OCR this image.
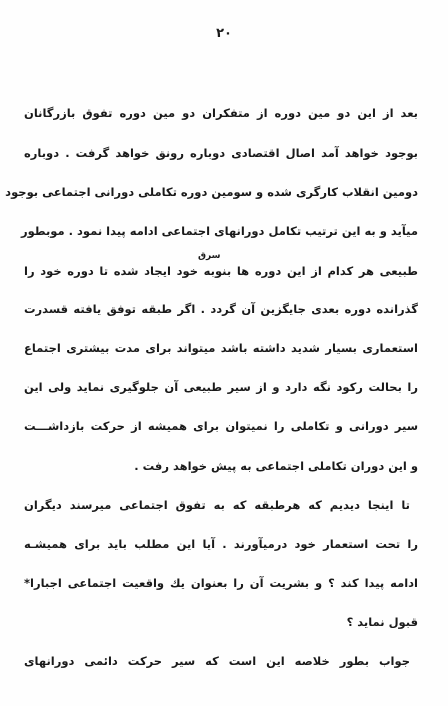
۲۰
بعد از این دو مین دوره از متفکران دو مین دوره تفوق بازرگانان
بوجود خواهد آمد اصال اقتصادی دوباره رونق خواهد گرفت . دوباره
دومین انقلاب کارگری شده و سومین دوره تکاملی دورانی اجتماعی بوجود
میآید و به این ترتیب تکامل دورانهای اجتماعی ادامه پیدا نمود . موبطور
طبیعی هر کدام از این دوره ها بنوبه خود ایجاد شده تا دوره خود را
سرق
گذرانده دوره بعدی جایگزین آن گردد . اگر طبقه توفق یافته قسدرت
استعماری بسیار شدید داشته باشد میتواند برای مدت بیشتری اجتماع
را بحالت رکود نگه دارد و از سیر طبیعی آن جلوگیری نماید ولی این
سیر دورانی و تکاملی را نمیتوان برای همیشه از حرکت بازداشـــت
و این دوران تکاملی اجتماعی به پیش خواهد رفت .
تا اینجا دیدیم که هرطبقه که به تفوق اجتماعی میرسند دیگران
را تحت استعمار خود درمیآورند . آیا این مطلب باید برای همیشـه
ادامه پیدا کند ؟ و بشریت آن را بعنوان یك واقعیت اجتماعی اجبارا*
قبول نماید ؟
جواب بطور خلاصه این است که سیر حرکت دائمی دورانهای
